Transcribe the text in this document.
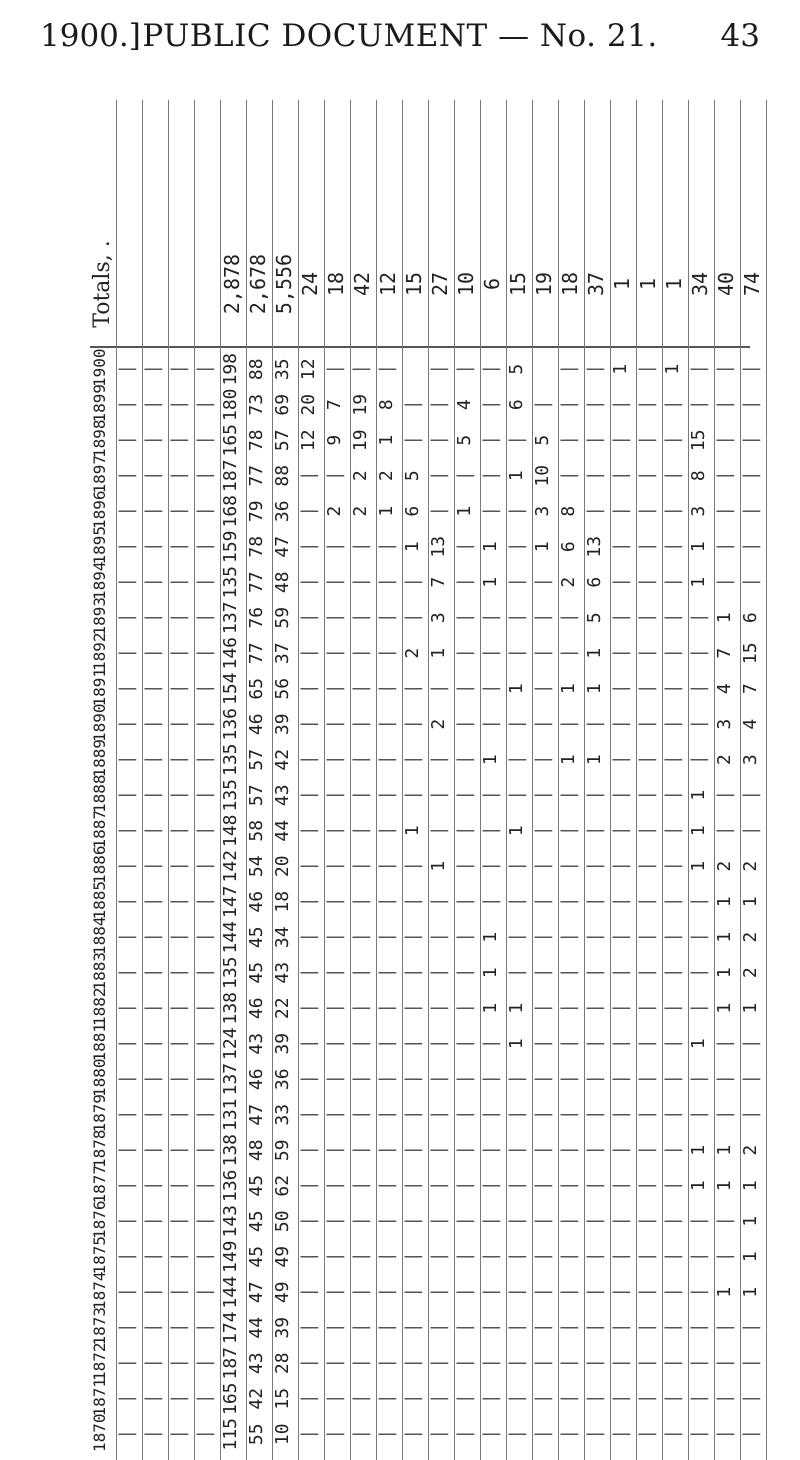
1900.] PUBLIC DOCUMENT — No. 21.	43
1870
1871
1872
1873
1874
1875
1876
1877
1878
1879
1880
1881
1882
1883
1884
1885
1886
1887
1888
1889
1890
1891
1892
1893
1894
1895
1896
1897
1898
1899
1900
Totals, .
|
|
|
|
|
|
|
|
|
|
|
|
|
|
|
|
|
|
|
|
|
|
|
|
|
|
|
|
|
|
|
|
|
|
|
|
|
|
|
|
|
|
|
|
|
|
|
|
|
|
|
|
|
|
|
|
|
|
|
|
|
|
|
|
|
|
|
|
|
|
|
|
|
|
|
|
|
|
|
|
|
|
|
|
|
|
|
|
|
|
|
|
|
|
|
|
|
|
|
|
|
|
|
|
|
|
|
|
|
|
|
|
|
|
|
|
|
|
|
|
|
|
|
|
115
165
187
174
144
149
143
136
138
131
137
124
138
135
144
147
142
148
135
135
136
154
146
137
135
159
168
187
165
180
198
2,878
55
42
43
44
47
45
45
45
48
47
46
43
46
45
45
46
54
58
57
57
46
65
77
76
77
78
79
77
78
73
88
2,678
10
15
28
39
49
49
50
62
59
33
36
39
22
43
34
18
20
44
43
42
39
56
37
59
48
47
36
88
57
69
35
5,556
|
|
|
|
|
|
|
|
|
|
|
|
|
|
|
|
|
|
|
|
|
|
|
|
|
|
|
|
12
20
12
24
|
|
|
|
|
|
|
|
|
|
|
|
|
|
|
|
|
|
|
|
|
|
|
|
|
|
2
|
9
7
|
18
|
|
|
|
|
|
|
|
|
|
|
|
|
|
|
|
|
|
|
|
|
|
|
|
|
|
2
2
19
19
|
42
|
|
|
|
|
|
|
|
|
|
|
|
|
|
|
|
|
|
|
|
|
|
|
|
|
|
1
2
1
8
|
12
|
|
|
|
|
|
|
|
|
|
|
|
|
|
|
|
|
1
|
|
|
|
2
|
|
1
6
5
|
|
15
|
|
|
|
|
|
|
|
|
|
|
|
|
|
|
|
1
|
|
|
2
|
1
3
7
13
|
|
|
|
|
27
|
|
|
|
|
|
|
|
|
|
|
|
|
|
|
|
|
|
|
|
|
|
|
|
|
|
1
|
5
4
|
10
|
|
|
|
|
|
|
|
|
|
|
|
1
1
1
|
|
|
|
1
|
|
|
|
1
1
|
|
|
|
|
6
|
|
|
|
|
|
|
|
|
|
|
1
1
|
|
|
|
1
|
|
|
1
|
|
|
|
|
1
|
6
5
15
|
|
|
|
|
|
|
|
|
|
|
|
|
|
|
|
|
|
|
|
|
|
|
|
|
1
3
10
5
|
19
|
|
|
|
|
|
|
|
|
|
|
|
|
|
|
|
|
|
|
1
|
1
|
|
2
6
8
|
|
|
|
18
|
|
|
|
|
|
|
|
|
|
|
|
|
|
|
|
|
|
|
1
|
1
1
5
6
13
|
|
|
|
|
37
|
|
|
|
|
|
|
|
|
|
|
|
|
|
|
|
|
|
|
|
|
|
|
|
|
|
|
|
|
|
1
1
|
|
|
|
|
|
|
|
|
|
|
|
|
|
|
|
|
|
|
|
|
|
|
|
|
|
|
|
|
|
|
1
|
|
|
|
|
|
|
|
|
|
|
|
|
|
|
|
|
|
|
|
|
|
|
|
|
|
|
|
|
|
1
1
|
|
|
|
|
|
|
1
1
|
|
1
|
|
|
|
1
1
1
|
|
|
|
|
1
1
3
8
15
|
|
34
|
|
|
|
1
|
|
1
1
|
|
|
1
1
1
1
2
|
|
2
3
4
7
1
|
|
|
|
|
|
|
40
|
|
|
|
1
1
1
1
2
|
|
|
1
2
2
1
2
|
|
3
4
7
15
6
|
|
|
|
|
|
|
74
